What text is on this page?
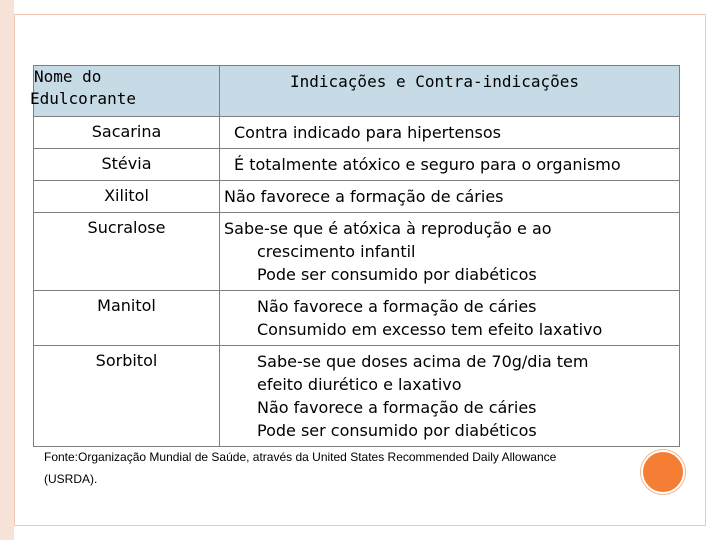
Nome do
Edulcorante	Indicações e Contra-indicações
Sacarina	Contra indicado para hipertensos

Stévia	É totalmente atóxico e seguro para o organismo

Xilitol	Não favorece a formação de cáries

Sucralose	Sabe-se que é atóxica à reprodução e ao
crescimento infantil
Pode ser consumido por diabéticos

Manitol	Não favorece a formação de cáries
Consumido em excesso tem efeito laxativo

Sorbitol	Sabe-se que doses acima de 70g/dia tem
efeito diurético e laxativo
Não favorece a formação de cáries
Pode ser consumido por diabéticos
Fonte:Organização Mundial de Saúde, através da United States Recommended Daily Allowance
(USRDA).
